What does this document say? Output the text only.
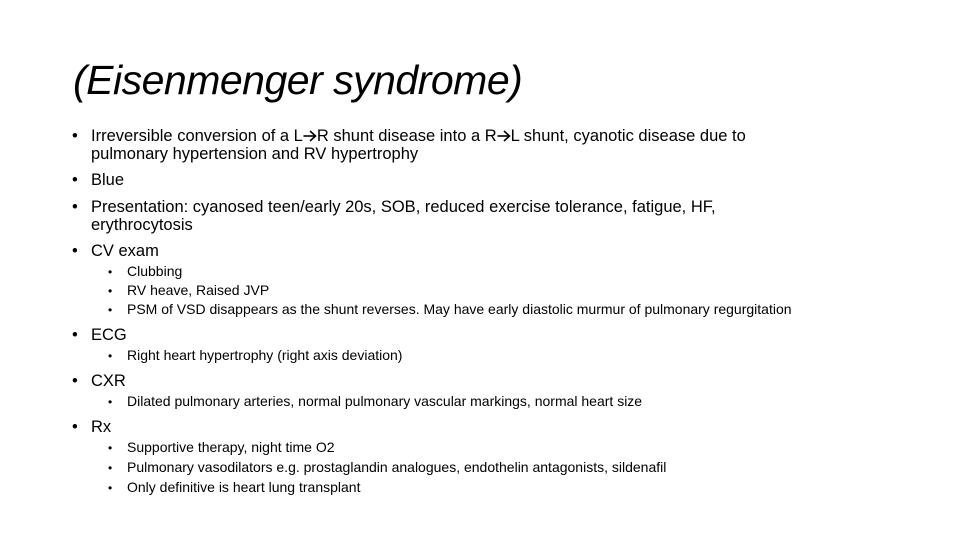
(Eisenmenger syndrome)
• Irreversible conversion of a L R shunt disease into a R L shunt, cyanotic disease due to
pulmonary hypertension and RV hypertrophy
• Blue
• Presentation: cyanosed teen/early 20s, SOB, reduced exercise tolerance, fatigue, HF,
erythrocytosis
• CV exam
• Clubbing
• RV heave, Raised JVP
• PSM of VSD disappears as the shunt reverses. May have early diastolic murmur of pulmonary regurgitation
• ECG
• Right heart hypertrophy (right axis deviation)
• CXR
• Dilated pulmonary arteries, normal pulmonary vascular markings, normal heart size
• Rx
• Supportive therapy, night time O2
• Pulmonary vasodilators e.g. prostaglandin analogues, endothelin antagonists, sildenafil
• Only definitive is heart lung transplant
